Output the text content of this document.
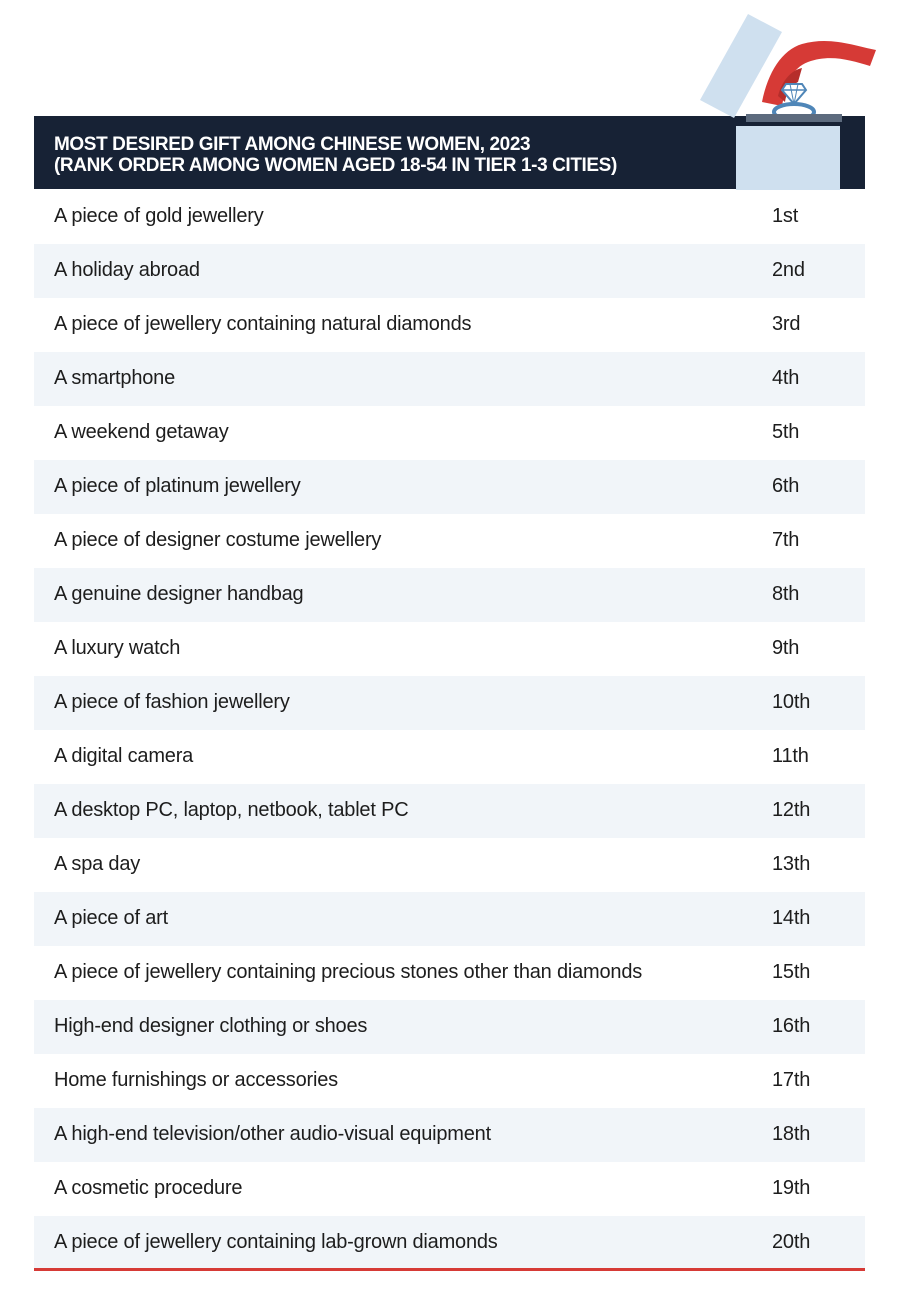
MOST DESIRED GIFT AMONG CHINESE WOMEN, 2023
(RANK ORDER AMONG WOMEN AGED 18-54 IN TIER 1-3 CITIES)
A piece of gold jewellery	1st
A holiday abroad	2nd
A piece of jewellery containing natural diamonds	3rd
A smartphone	4th
A weekend getaway	5th
A piece of platinum jewellery	6th
A piece of designer costume jewellery	7th
A genuine designer handbag	8th
A luxury watch	9th
A piece of fashion jewellery	10th
A digital camera	11th
A desktop PC, laptop, netbook, tablet PC	12th
A spa day	13th
A piece of art	14th
A piece of jewellery containing precious stones other than diamonds	15th
High-end designer clothing or shoes	16th
Home furnishings or accessories	17th
A high-end television/other audio-visual equipment	18th
A cosmetic procedure	19th
A piece of jewellery containing lab-grown diamonds	20th
